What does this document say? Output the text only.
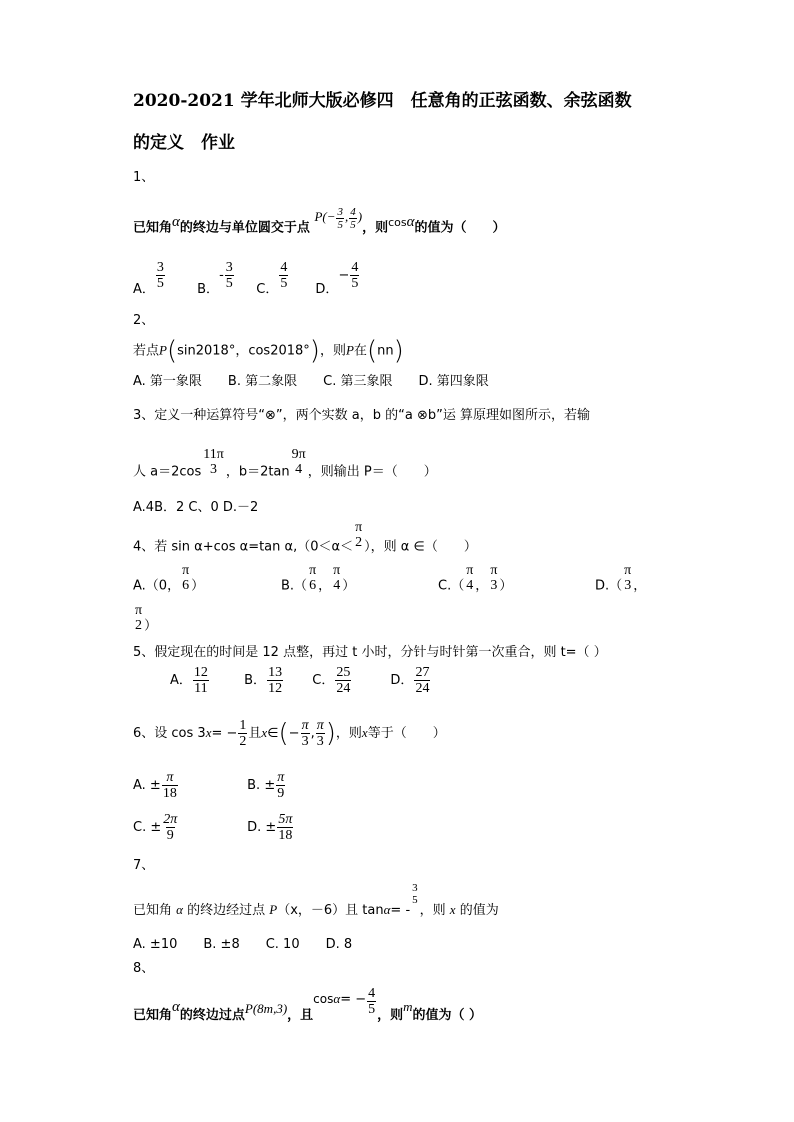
2020-2021 学年北师大版必修四　任意角的正弦函数、余弦函数
的定义　作业
1、
已知角α的终边与单位圆交于点 $P(- \frac{3}{5}$ , $\frac{4}{5}$ )，则$^{cos}$α的值为（　　）
A． $\frac{3}{5}$ B．- $\frac{3}{5}$ C． $\frac{4}{5}$ D．− $\frac{4}{5}$
2、
若点P(sin2018°，cos2018°)，则P在(nn)
A. 第一象限　　B. 第二象限　　C. 第三象限　　D. 第四象限
3、定义一种运算符号“⊗”，两个实数 a，b 的“a ⊗b”运 算原理如图所示，若输
人 a＝2cos
11π
3 ，b＝2tan
9π
4 ，则输出 P＝（　　）
A.4B．2 C、0 D.－2
4、若 sin α+cos α=tan α,（0＜α＜
π
2 ），则 α ∈（　　）
A.（0，
π
6 ）	B.（
π
6 ，
π
4 ）	C.（
π
4 ，
π
3 ）	D.（
π
3 ，
π
2 ）
5、假定现在的时间是 12 点整，再过 t 小时，分针与时针第一次重合，则 t=（ ）
A． $\frac{12}{11}$	B． $\frac{13}{12}$ C． $\frac{25}{24}$	D． $\frac{27}{24}$
6、设 $\cos 3x= - \frac{1}{2}$ 且x∈(− $\frac{\pi}{3}$ , $\frac{\pi}{3}$ )，则x等于（　　）
A. ± $\frac{\pi}{18}$	B. ± $\frac{\pi}{9}$
C. ± $\frac{2\pi}{9}$	D. ± $\frac{5\pi}{18}$
7、
已知角 α 的终边经过点 P（x，－6）且 tanα= -
3
5
，则 x 的值为
A. ±10　　B. ±8　　C. 10　　D. 8
8、
已知角α的终边过点P(8m,3)，且$\cos\alpha= - \frac{4}{5}$ ，则m的值为（ ）
